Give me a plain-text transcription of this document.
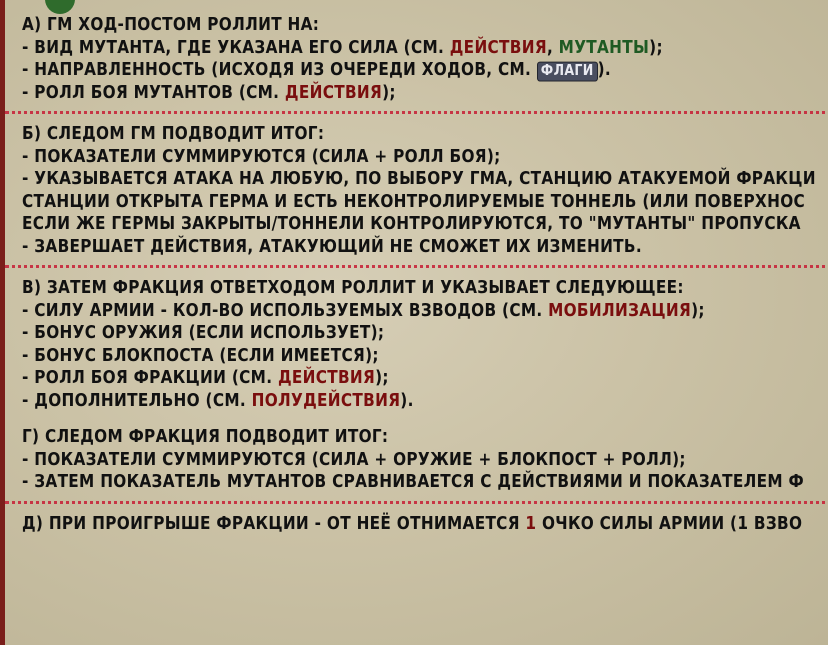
А) ГМ ХОД-ПОСТОМ РОЛЛИТ НА:
- ВИД МУТАНТА, ГДЕ УКАЗАНА ЕГО СИЛА (СМ. ДЕЙСТВИЯ, МУТАНТЫ);
- НАПРАВЛЕННОСТЬ (ИСХОДЯ ИЗ ОЧЕРЕДИ ХОДОВ, СМ. ФЛАГИ ).
- РОЛЛ БОЯ МУТАНТОВ (СМ. ДЕЙСТВИЯ);
Б) СЛЕДОМ ГМ ПОДВОДИТ ИТОГ:
- ПОКАЗАТЕЛИ СУММИРУЮТСЯ (СИЛА + РОЛЛ БОЯ);
- УКАЗЫВАЕТСЯ АТАКА НА ЛЮБУЮ, ПО ВЫБОРУ ГМА, СТАНЦИЮ АТАКУЕМОЙ ФРАКЦИ
СТАНЦИИ ОТКРЫТА ГЕРМА И ЕСТЬ НЕКОНТРОЛИРУЕМЫЕ ТОННЕЛЬ (ИЛИ ПОВЕРХНОС
ЕСЛИ ЖЕ ГЕРМЫ ЗАКРЫТЫ/ТОННЕЛИ КОНТРОЛИРУЮТСЯ, ТО "МУТАНТЫ" ПРОПУСКА
- ЗАВЕРШАЕТ ДЕЙСТВИЯ, АТАКУЮЩИЙ НЕ СМОЖЕТ ИХ ИЗМЕНИТЬ.
В) ЗАТЕМ ФРАКЦИЯ ОТВЕТХОДОМ РОЛЛИТ И УКАЗЫВАЕТ СЛЕДУЮЩЕЕ:
- СИЛУ АРМИИ - КОЛ-ВО ИСПОЛЬЗУЕМЫХ ВЗВОДОВ (СМ. МОБИЛИЗАЦИЯ);
- БОНУС ОРУЖИЯ (ЕСЛИ ИСПОЛЬЗУЕТ);
- БОНУС БЛОКПОСТА (ЕСЛИ ИМЕЕТСЯ);
- РОЛЛ БОЯ ФРАКЦИИ (СМ. ДЕЙСТВИЯ);
- ДОПОЛНИТЕЛЬНО (СМ. ПОЛУДЕЙСТВИЯ).
Г) СЛЕДОМ ФРАКЦИЯ ПОДВОДИТ ИТОГ:
- ПОКАЗАТЕЛИ СУММИРУЮТСЯ (СИЛА + ОРУЖИЕ + БЛОКПОСТ + РОЛЛ);
- ЗАТЕМ ПОКАЗАТЕЛЬ МУТАНТОВ СРАВНИВАЕТСЯ С ДЕЙСТВИЯМИ И ПОКАЗАТЕЛЕМ Ф
Д) ПРИ ПРОИГРЫШЕ ФРАКЦИИ - ОТ НЕЁ ОТНИМАЕТСЯ 1 ОЧКО СИЛЫ АРМИИ (1 ВЗВО
